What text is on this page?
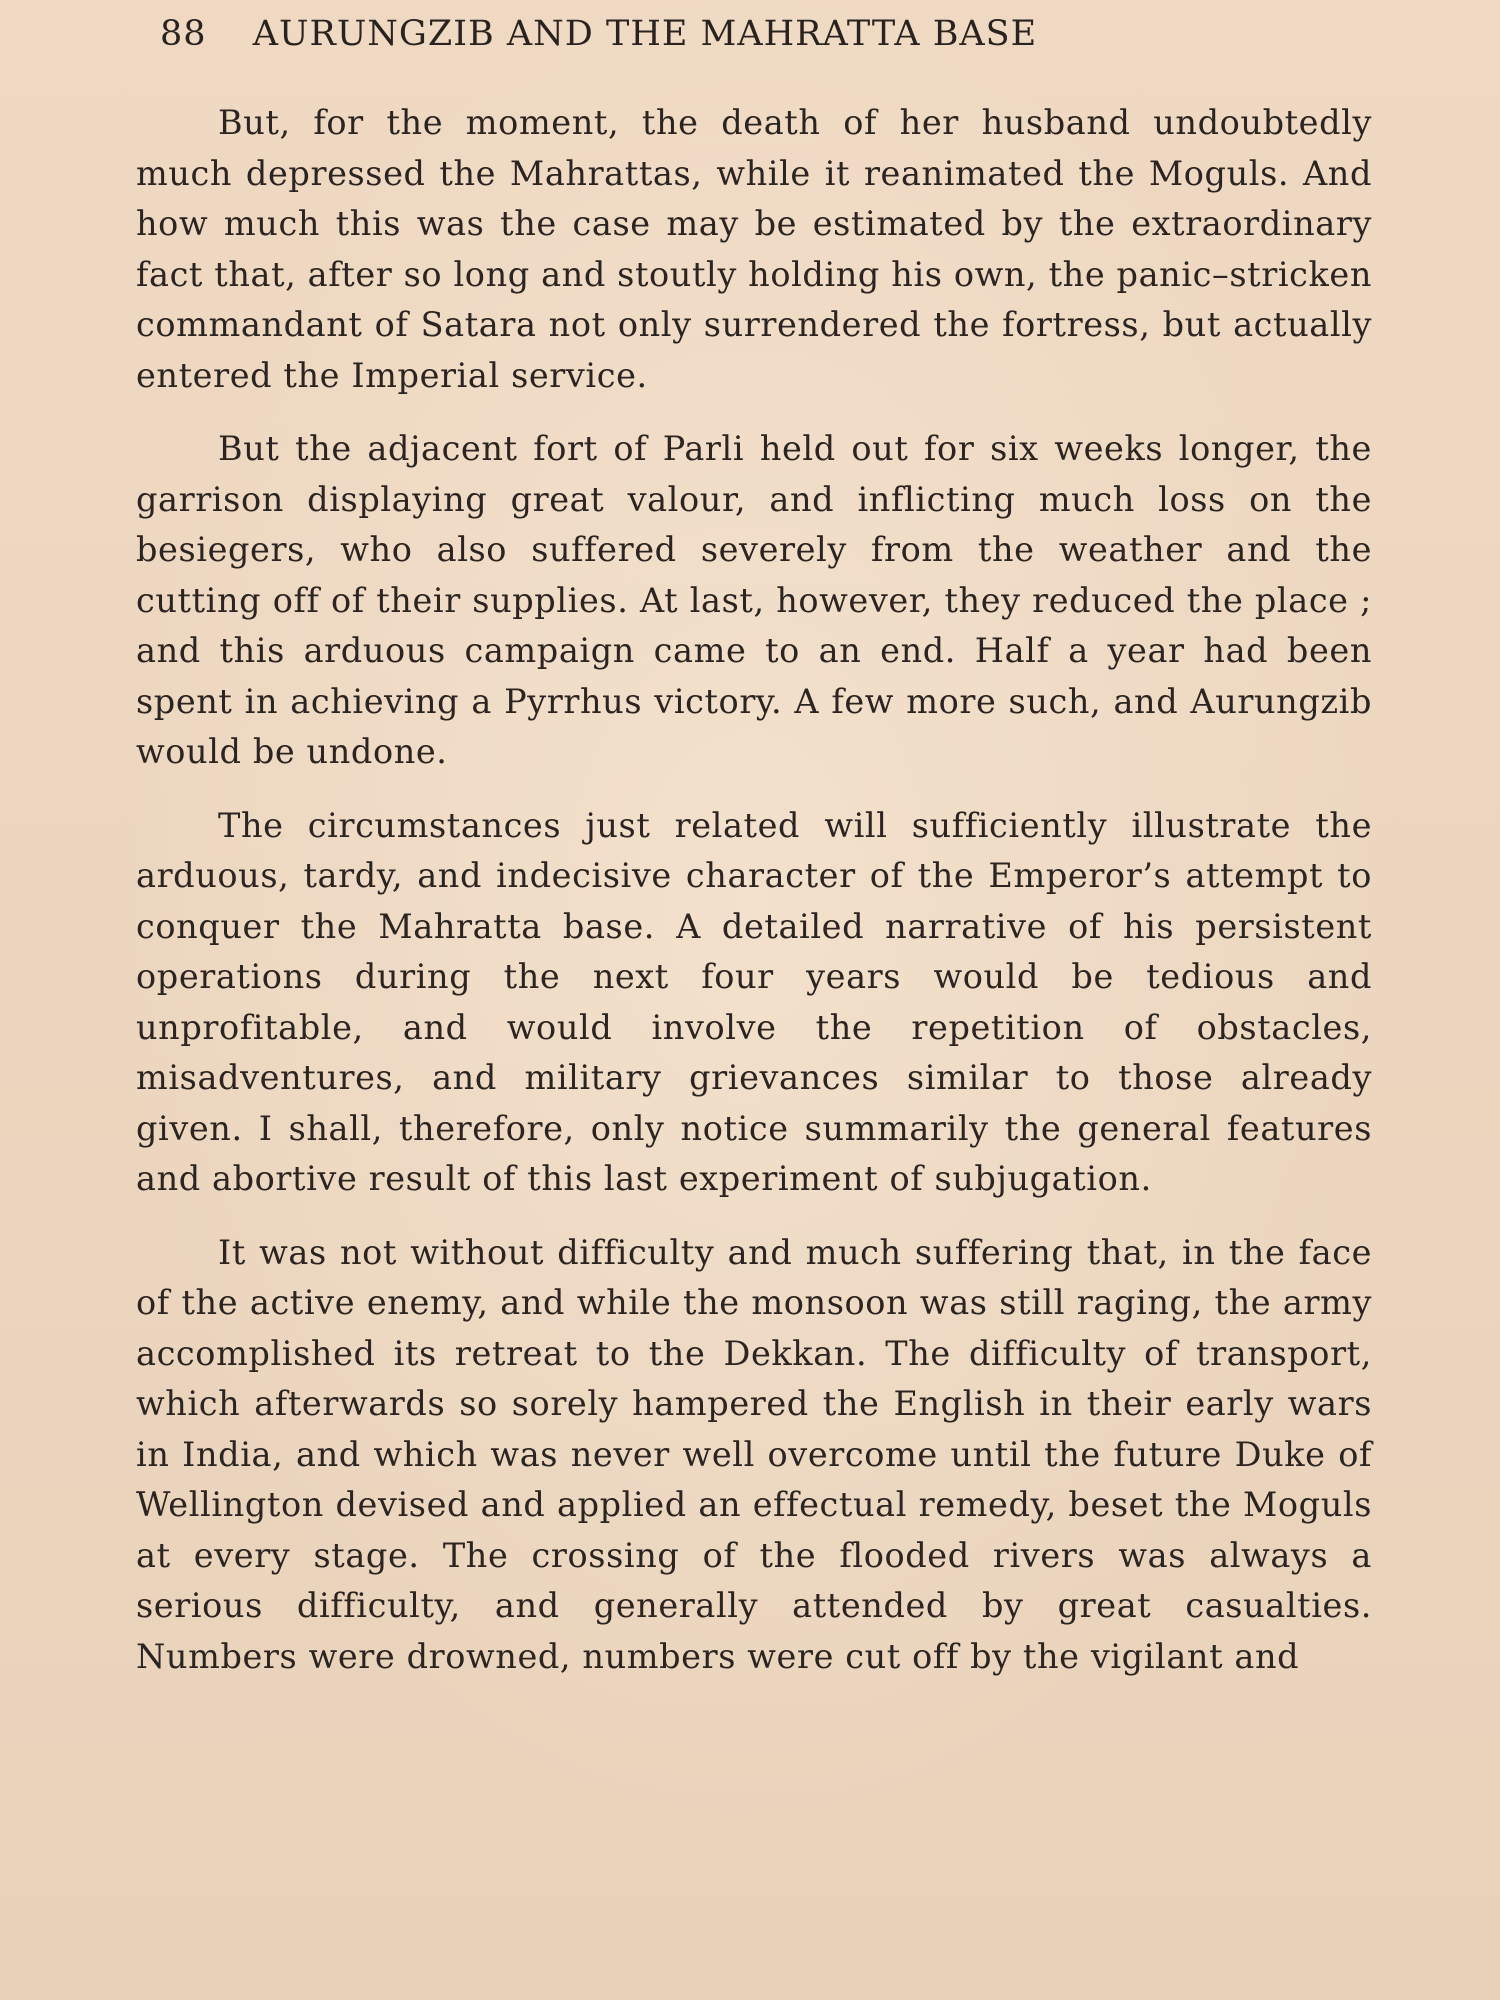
88 AURUNGZIB AND THE MAHRATTA BASE

But, for the moment, the death of her husband undoubtedly much depressed the Mahrattas, while it reanimated the Moguls. And how much this was the case may be estimated by the extraordinary fact that, after so long and stoutly holding his own, the panic–stricken commandant of Satara not only surrendered the fortress, but actually entered the Imperial service.

But the adjacent fort of Parli held out for six weeks longer, the garrison displaying great valour, and inflicting much loss on the besiegers, who also suffered severely from the weather and the cutting off of their supplies. At last, however, they reduced the place ; and this arduous campaign came to an end. Half a year had been spent in achieving a Pyrrhus victory. A few more such, and Aurungzib would be undone.

The circumstances just related will sufficiently illustrate the arduous, tardy, and indecisive character of the Emperor’s attempt to conquer the Mahratta base. A detailed narrative of his persistent operations during the next four years would be tedious and unprofitable, and would involve the repetition of obstacles, misadventures, and military grievances similar to those already given. I shall, therefore, only notice summarily the general features and abortive result of this last experiment of subjugation.

It was not without difficulty and much suffering that, in the face of the active enemy, and while the monsoon was still raging, the army accomplished its retreat to the Dekkan. The difficulty of transport, which afterwards so sorely hampered the English in their early wars in India, and which was never well overcome until the future Duke of Wellington devised and applied an effectual remedy, beset the Moguls at every stage. The crossing of the flooded rivers was always a serious difficulty, and generally attended by great casualties. Numbers were drowned, numbers were cut off by the vigilant and
